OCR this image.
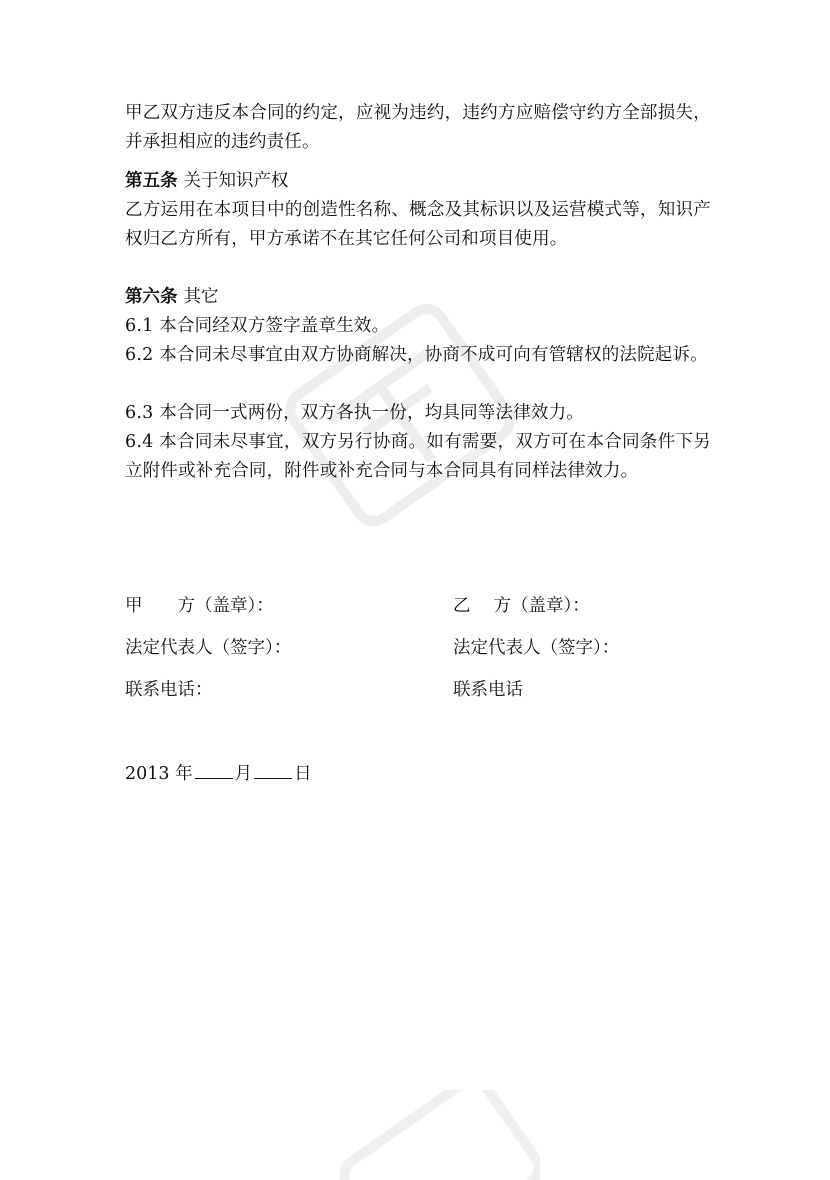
甲乙双方违反本合同的约定，应视为违约，违约方应赔偿守约方全部损失，并承担相应的违约责任。
第五条 关于知识产权
乙方运用在本项目中的创造性名称、概念及其标识以及运营模式等，知识产权归乙方所有，甲方承诺不在其它任何公司和项目使用。
第六条 其它
6.1 本合同经双方签字盖章生效。
6.2 本合同未尽事宜由双方协商解决，协商不成可向有管辖权的法院起诉。
6.3 本合同一式两份，双方各执一份，均具同等法律效力。
6.4 本合同未尽事宜，双方另行协商。如有需要，双方可在本合同条件下另立附件或补充合同，附件或补充合同与本合同具有同样法律效力。
甲　　方（盖章）：	乙　 方（盖章）：
法定代表人（签字）：	法定代表人（签字）：
联系电话：	联系电话
2013 年 月 日
